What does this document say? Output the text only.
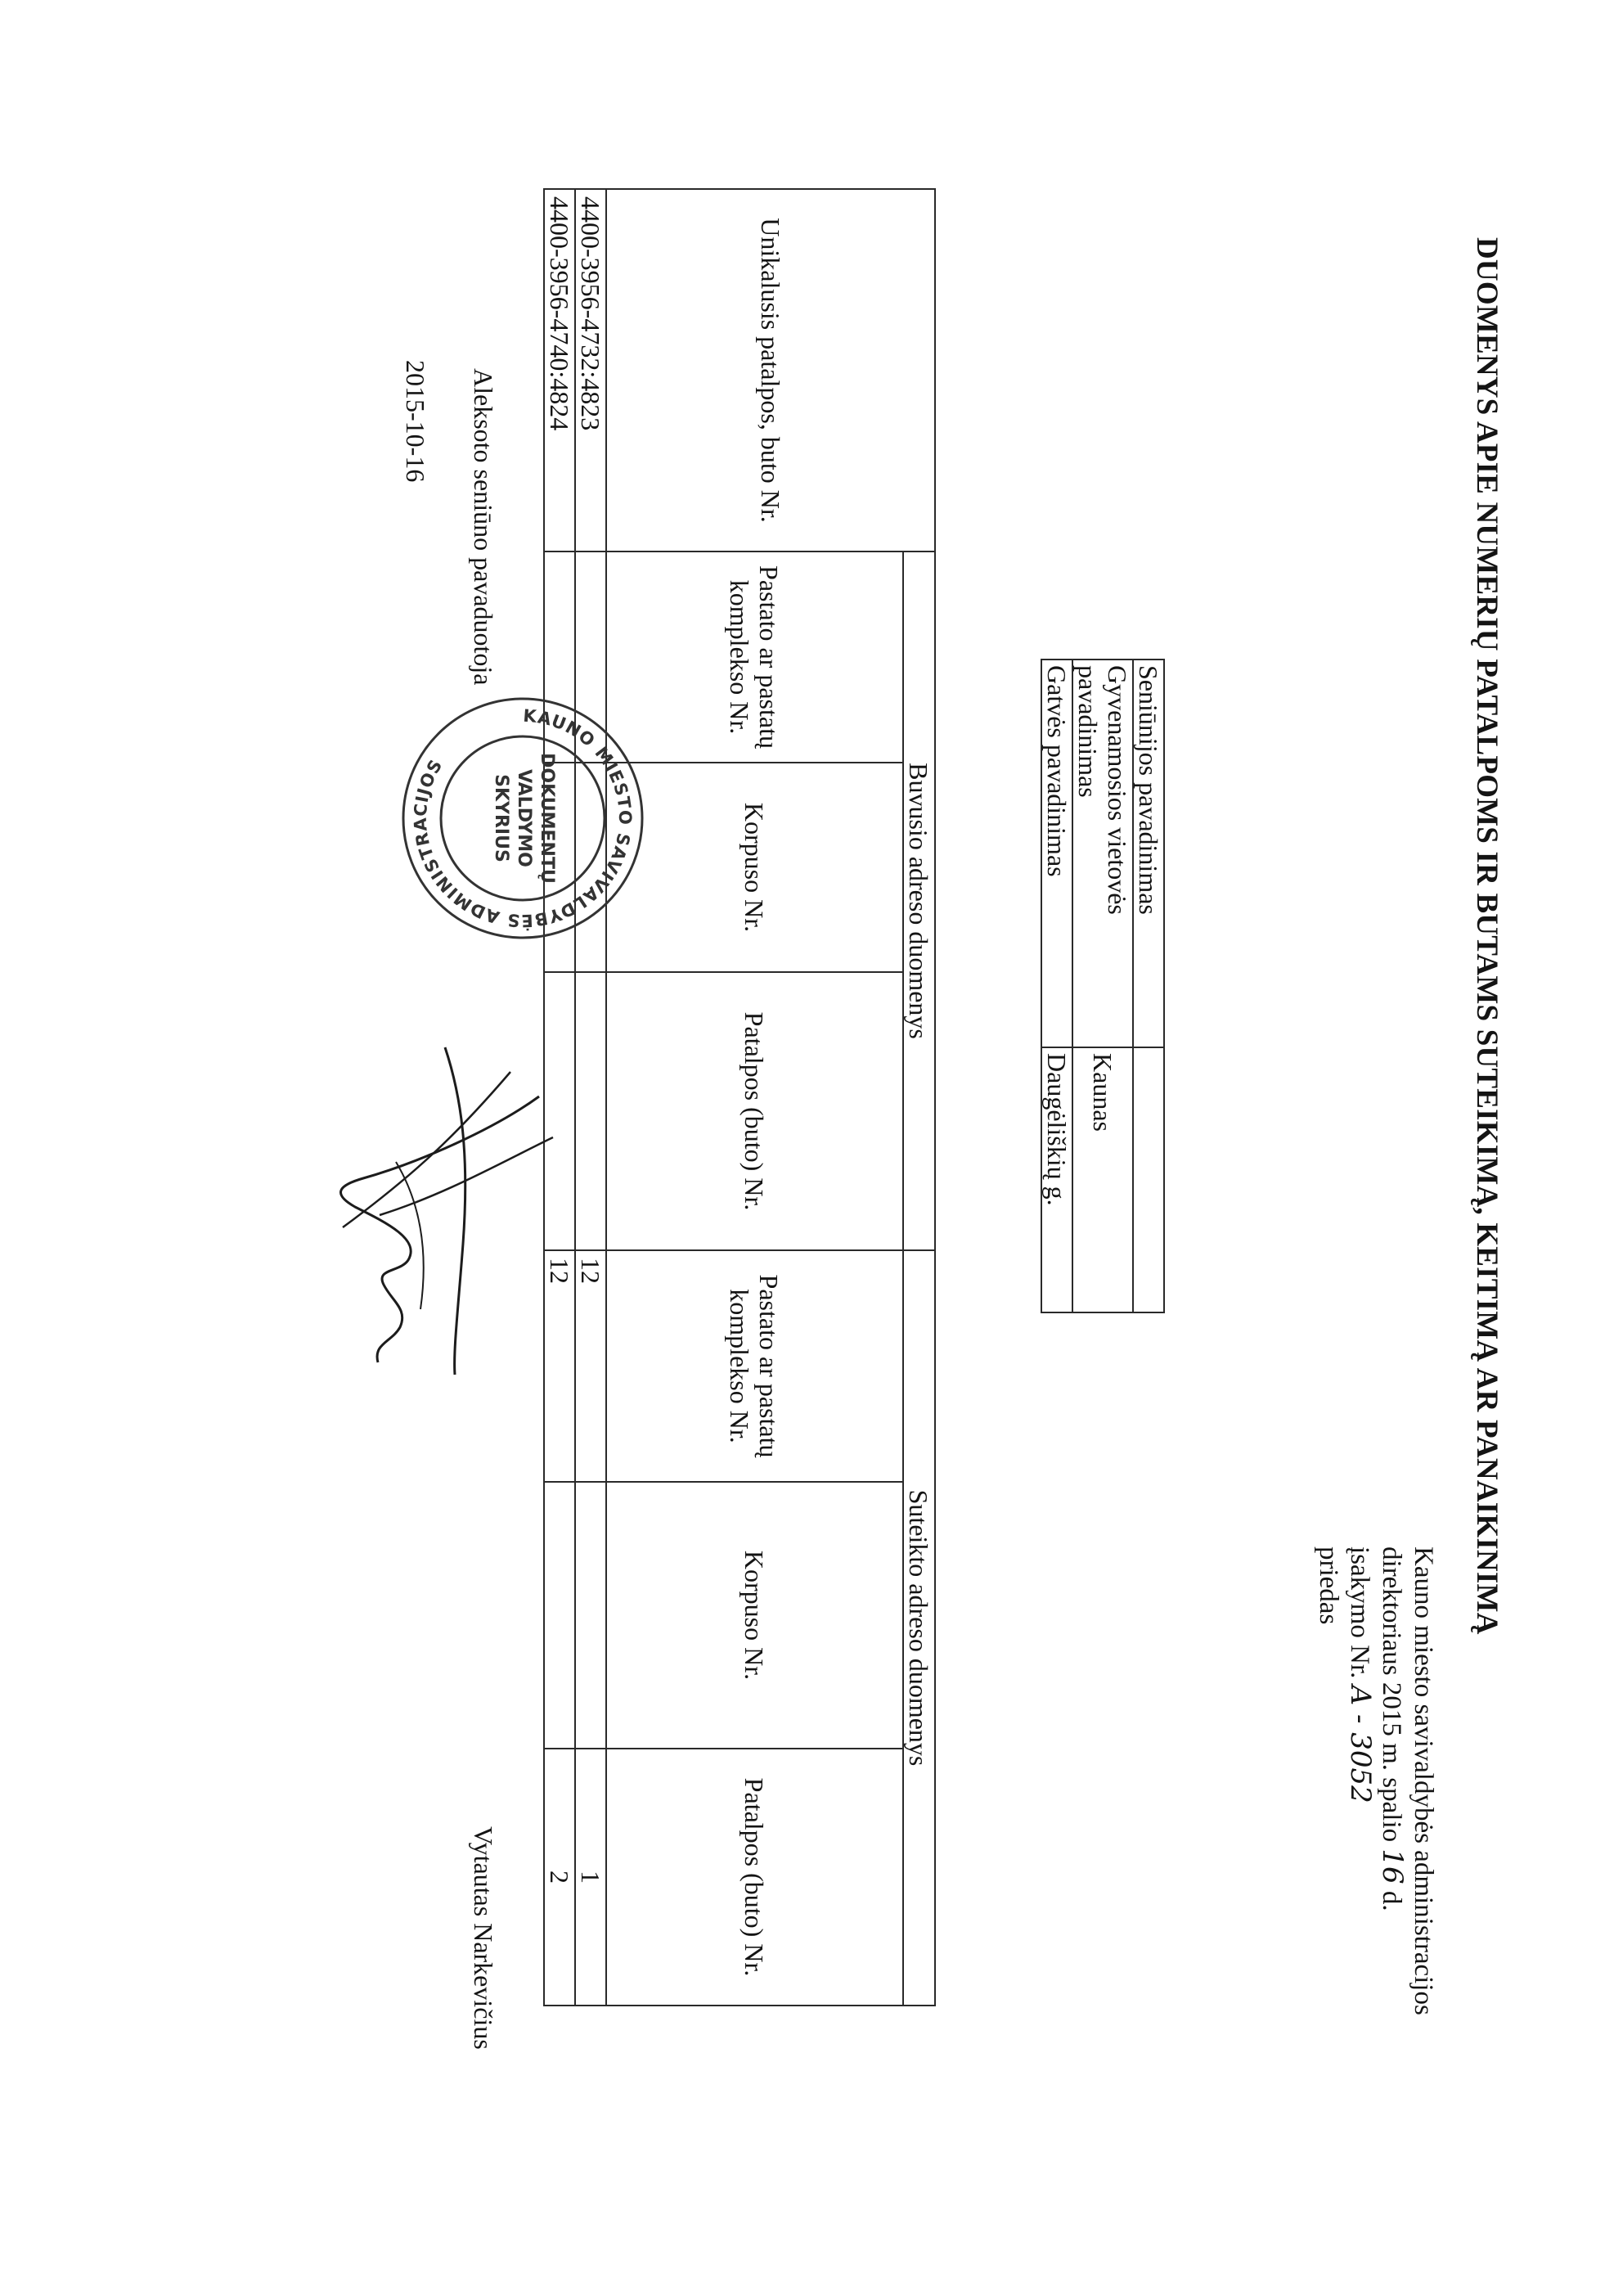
Kauno miesto savivaldybės administracijos
direktoriaus 2015 m. spalio 16 d.
įsakymo Nr. A - 3052
priedas	DUOMENYS APIE NUMERIŲ PATALPOMS IR BUTAMS SUTEIKIMĄ, KEITIMĄ AR PANAIKINIMĄ
Seniūnijos pavadinimas	
Gyvenamosios vietovės pavadinimas	Kaunas
Gatvės pavadinimas	Daugėliškių g.
Unikalusis patalpos, buto Nr.	Buvusio adreso duomenys			Suteikto adreso duomenys		
	Pastato ar pastatų komplekso Nr.	Korpuso Nr.	Patalpos (buto) Nr.	Pastato ar pastatų komplekso Nr.	Korpuso Nr.	Patalpos (buto) Nr.
4400-3956-4732:4823				12		1
4400-3956-4740:4824				12		2
KAUNO MIESTO SAVIVALDYBĖS ADMINISTRACIJOS	DOKUMENTŲ
VALDYMO
SKYRIUS
Aleksoto seniūno pavaduotoja
Vytautas Narkevičius
2015-10-16
